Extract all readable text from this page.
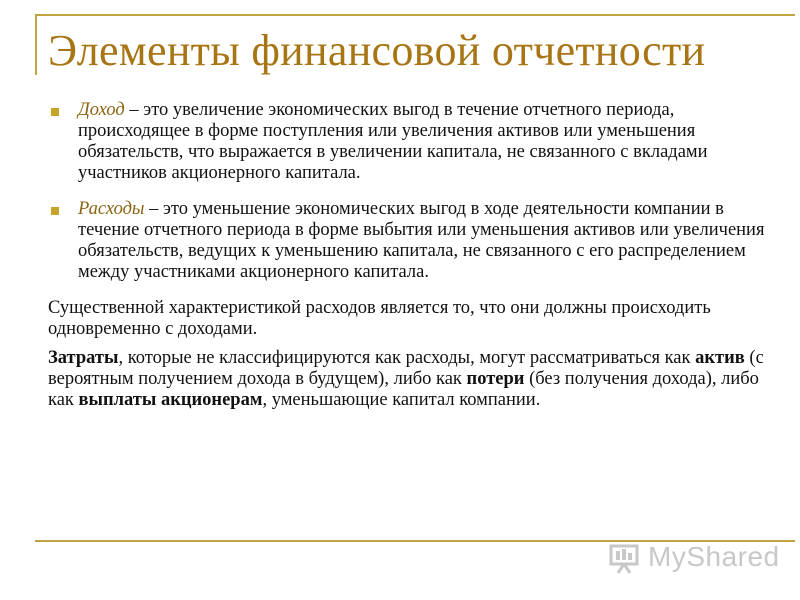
Элементы финансовой отчетности
Доход – это увеличение экономических выгод в течение отчетного периода, происходящее в форме поступления или увеличения активов или уменьшения обязательств, что выражается в увеличении капитала, не связанного с вкладами участников акционерного капитала.
Расходы – это уменьшение экономических выгод в ходе деятельности компании в течение отчетного периода в форме выбытия или уменьшения активов или увеличения обязательств, ведущих к уменьшению капитала, не связанного с его распределением между участниками акционерного капитала.
Существенной характеристикой расходов является то, что они должны происходить одновременно с доходами.
Затраты, которые не классифицируются как расходы, могут рассматриваться как актив (с вероятным получением дохода в будущем), либо как потери (без получения дохода), либо как выплаты акционерам, уменьшающие капитал компании.
MyShared
